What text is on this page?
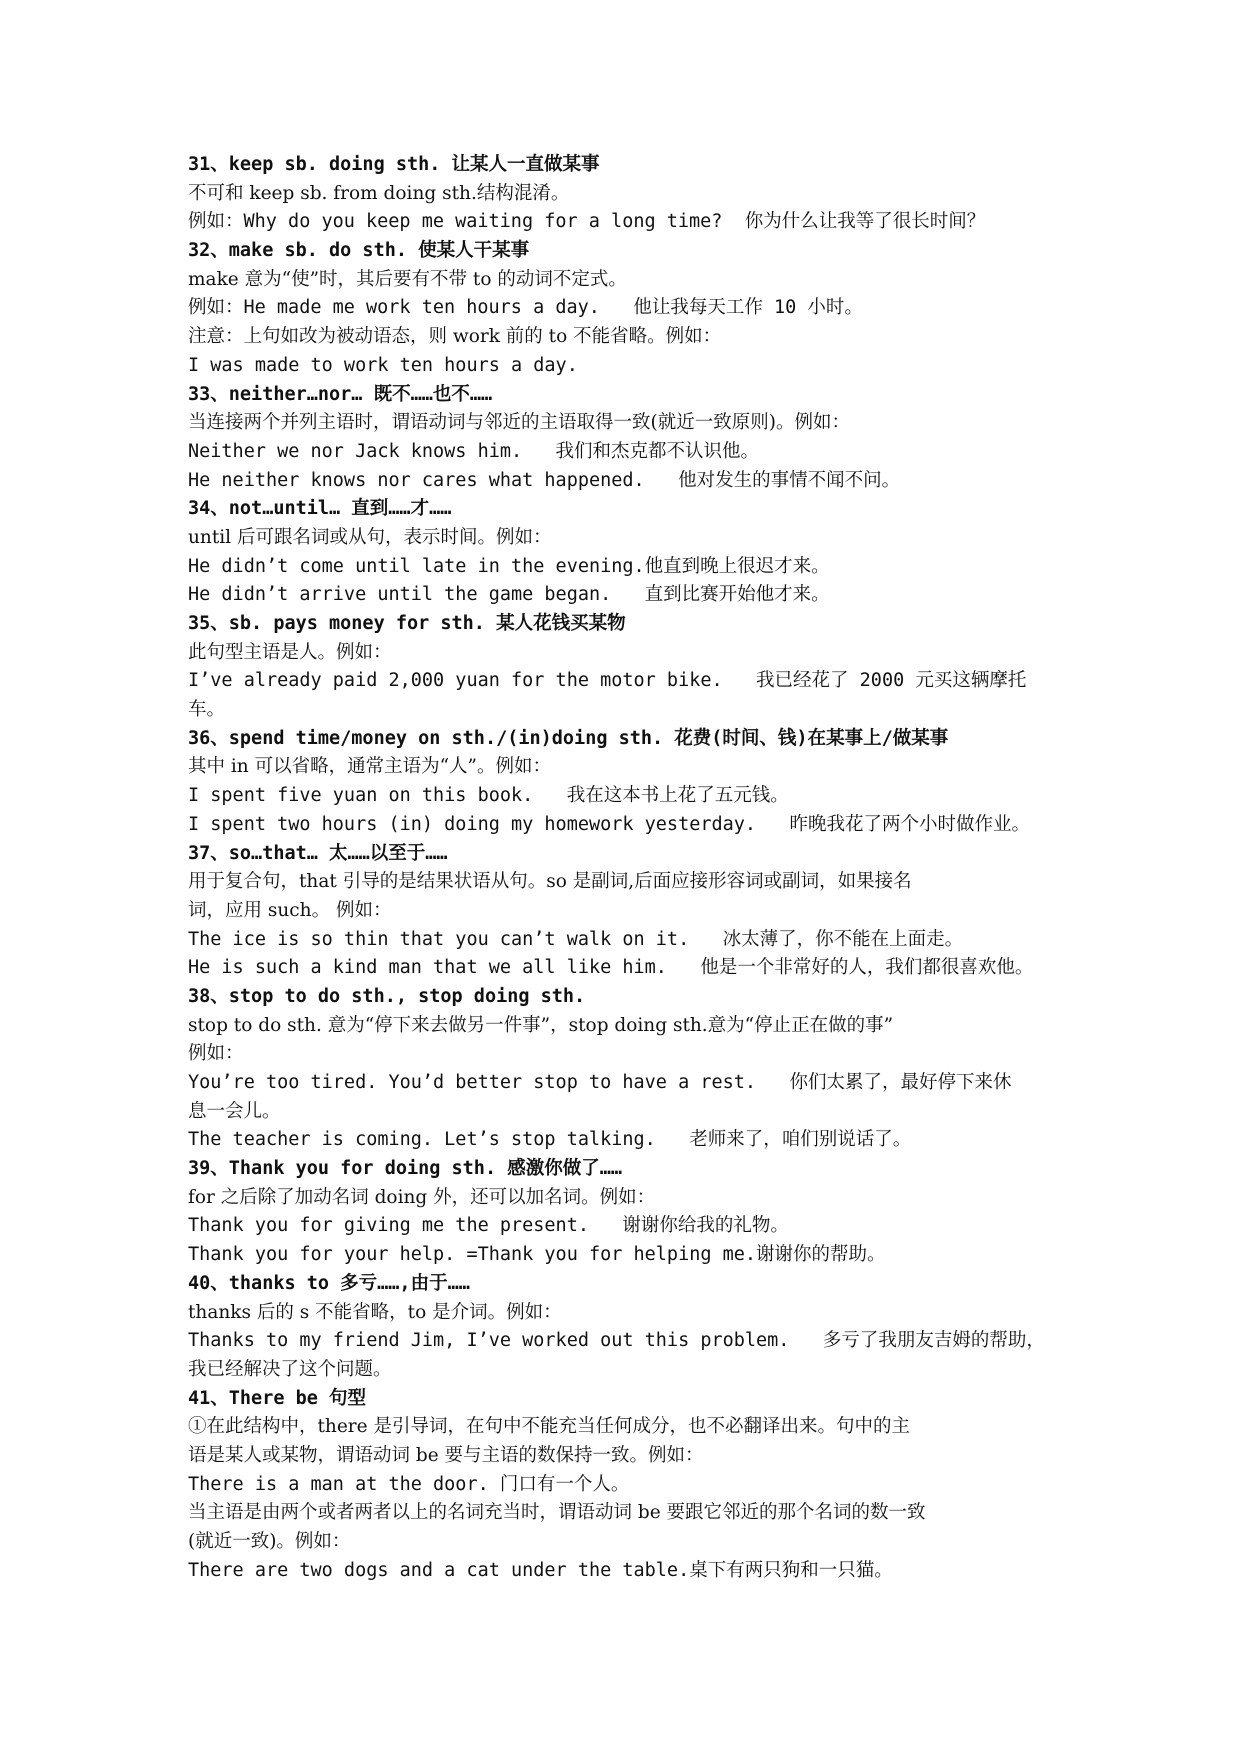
31、keep sb. doing sth. 让某人一直做某事
不可和 keep sb. from doing sth.结构混淆。
例如：Why do you keep me waiting for a long time?  你为什么让我等了很长时间？
32、make sb. do sth. 使某人干某事
make 意为“使”时，其后要有不带 to 的动词不定式。
例如：He made me work ten hours a day.   他让我每天工作 10 小时。
注意：上句如改为被动语态，则 work 前的 to 不能省略。例如：
I was made to work ten hours a day.
33、neither…nor… 既不……也不……
当连接两个并列主语时，谓语动词与邻近的主语取得一致(就近一致原则)。例如：
Neither we nor Jack knows him.   我们和杰克都不认识他。
He neither knows nor cares what happened.   他对发生的事情不闻不问。
34、not…until… 直到……才……
until 后可跟名词或从句，表示时间。例如：
He didn’t come until late in the evening.他直到晚上很迟才来。
He didn’t arrive until the game began.   直到比赛开始他才来。
35、sb. pays money for sth. 某人花钱买某物
此句型主语是人。例如：
I’ve already paid 2,000 yuan for the motor bike.   我已经花了 2000 元买这辆摩托
车。
36、spend time/money on sth./(in)doing sth. 花费(时间、钱)在某事上/做某事
其中 in 可以省略，通常主语为“人”。例如：
I spent five yuan on this book.   我在这本书上花了五元钱。
I spent two hours (in) doing my homework yesterday.   昨晚我花了两个小时做作业。
37、so…that… 太……以至于……
用于复合句，that 引导的是结果状语从句。so 是副词,后面应接形容词或副词，如果接名
词，应用 such。 例如：
The ice is so thin that you can’t walk on it.   冰太薄了，你不能在上面走。
He is such a kind man that we all like him.   他是一个非常好的人，我们都很喜欢他。
38、stop to do sth., stop doing sth.
stop to do sth. 意为“停下来去做另一件事”，stop doing sth.意为“停止正在做的事”
例如：
You’re too tired. You’d better stop to have a rest.   你们太累了，最好停下来休
息一会儿。
The teacher is coming. Let’s stop talking.   老师来了，咱们别说话了。
39、Thank you for doing sth. 感激你做了……
for 之后除了加动名词 doing 外，还可以加名词。例如：
Thank you for giving me the present.   谢谢你给我的礼物。
Thank you for your help. =Thank you for helping me.谢谢你的帮助。
40、thanks to 多亏……,由于……
thanks 后的 s 不能省略，to 是介词。例如：
Thanks to my friend Jim, I’ve worked out this problem.   多亏了我朋友吉姆的帮助，
我已经解决了这个问题。
41、There be 句型
①在此结构中，there 是引导词，在句中不能充当任何成分，也不必翻译出来。句中的主
语是某人或某物，谓语动词 be 要与主语的数保持一致。例如：
There is a man at the door. 门口有一个人。
当主语是由两个或者两者以上的名词充当时，谓语动词 be 要跟它邻近的那个名词的数一致
(就近一致)。例如：
There are two dogs and a cat under the table.桌下有两只狗和一只猫。
